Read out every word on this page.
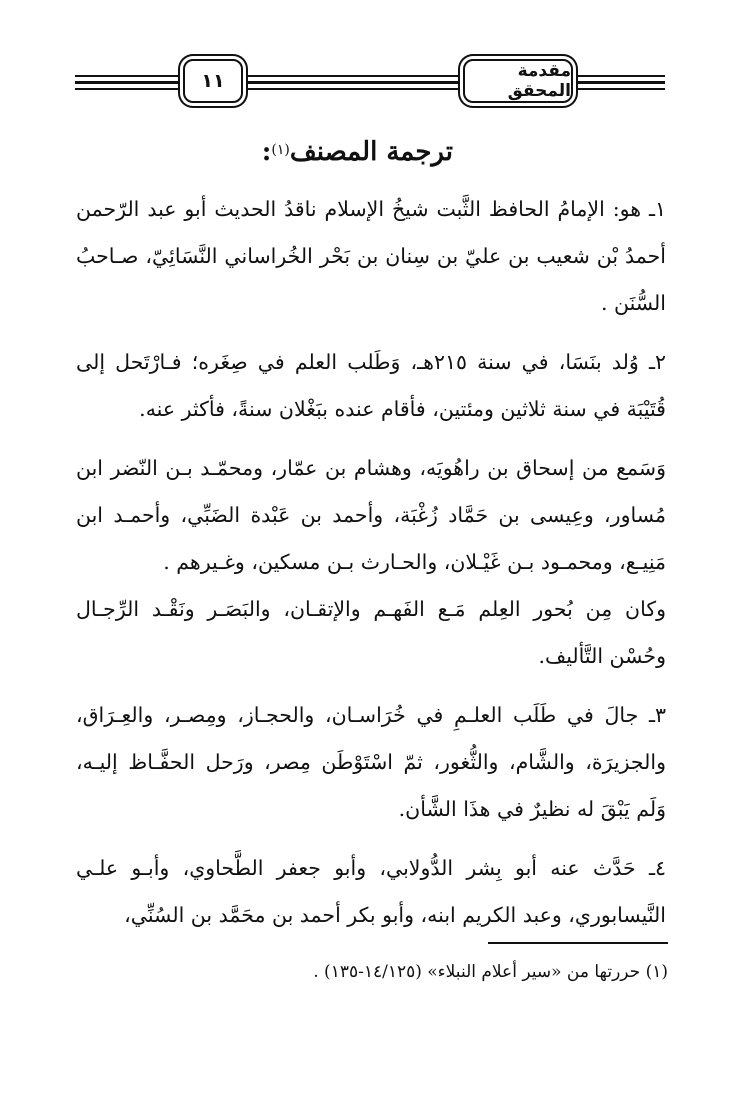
١١	مقدمة المحقق
ترجمة المصنف$^{(١)}$:

١ـ هو: الإمامُ الحافظ الثَّبت شيخُ الإسلام ناقدُ الحديث أبو عبد الرّحمن أحمدُ بْن شعيب بن عليّ بن سِنان بن بَحْر الخُراساني النَّسَائِيّ، صـاحبُ السُّنَن .

٢ـ وُلد بنَسَا، في سنة ٢١٥هـ، وَطَلب العلم في صِغَره؛ فـارْتَحل إلى قُتَيْبَة في سنة ثلاثين ومئتين، فأقام عنده ببَغْلان سنةً، فأكثر عنه.

وَسَمع من إسحاق بن راهُويَه، وهشام بن عمّار، ومحمّـد بـن النّضر ابن مُساور، وعِيسى بن حَمَّاد زُغْبَة، وأحمد بن عَبْدة الضَبِّي، وأحمـد ابن مَنِيـع، ومحمـود بـن غَيْـلان، والحـارث بـن مسكين، وغـيرهم .

وكان مِن بُحور العِلم مَـع الفَهـم والإتقـان، والبَصَـر ونَقْـد الرِّجـال وحُسْن التَّأليف.

٣ـ جالَ في طَلَب العلـمِ في خُرَاسـان، والحجـاز، ومِصـر، والعِـرَاق، والجزيرَة، والشَّام، والثُّغور، ثمّ اسْتَوْطَن مِصر، ورَحل الحفَّـاظ إليـه، وَلَم يَبْقَ له نظيرٌ في هذَا الشَّأن.

٤ـ حَدَّث عنه أبو بِشر الدُّولابي، وأبو جعفر الطَّحاوي، وأبـو علـي النَّيسابوري، وعبد الكريم ابنه، وأبو بكر أحمد بن محَمَّد بن السُنِّي،

(١) حررتها من «سير أعلام النبلاء» (١٤/١٢٥-١٣٥) .
